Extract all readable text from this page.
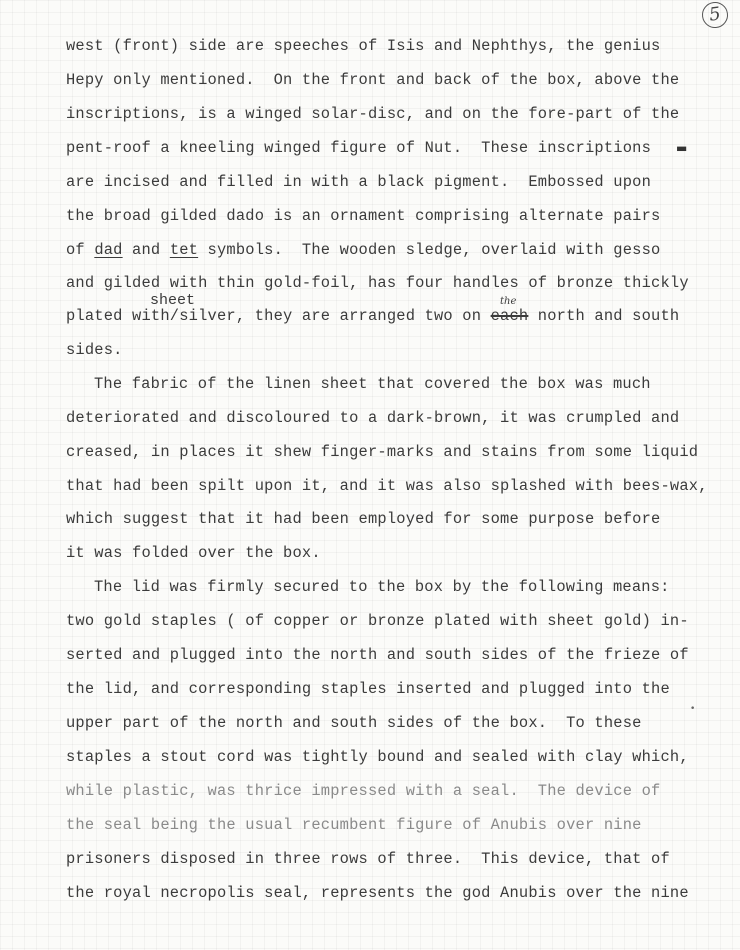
5
west (front) side are speeches of Isis and Nephthys, the genius
Hepy only mentioned.  On the front and back of the box, above the
inscriptions, is a winged solar-disc, and on the fore-part of the
pent-roof a kneeling winged figure of Nut.  These inscriptions ▬
are incised and filled in with a black pigment.  Embossed upon
the broad gilded dado is an ornament comprising alternate pairs
of dad and tet symbols.  The wooden sledge, overlaid with gesso
and gilded with thin gold-foil, has four handles of bronze thickly
sheet
plated with/silver, they are arranged two on each north and south
the
sides.
The fabric of the linen sheet that covered the box was much
deteriorated and discoloured to a dark-brown, it was crumpled and
creased, in places it shew finger-marks and stains from some liquid
that had been spilt upon it, and it was also splashed with bees-wax,
which suggest that it had been employed for some purpose before
it was folded over the box.
The lid was firmly secured to the box by the following means:
two gold staples ( of copper or bronze plated with sheet gold) in-
serted and plugged into the north and south sides of the frieze of
the lid, and corresponding staples inserted and plugged into the
•
upper part of the north and south sides of the box.  To these
staples a stout cord was tightly bound and sealed with clay which,
while plastic, was thrice impressed with a seal.  The device of
the seal being the usual recumbent figure of Anubis over nine
prisoners disposed in three rows of three.  This device, that of
the royal necropolis seal, represents the god Anubis over the nine
